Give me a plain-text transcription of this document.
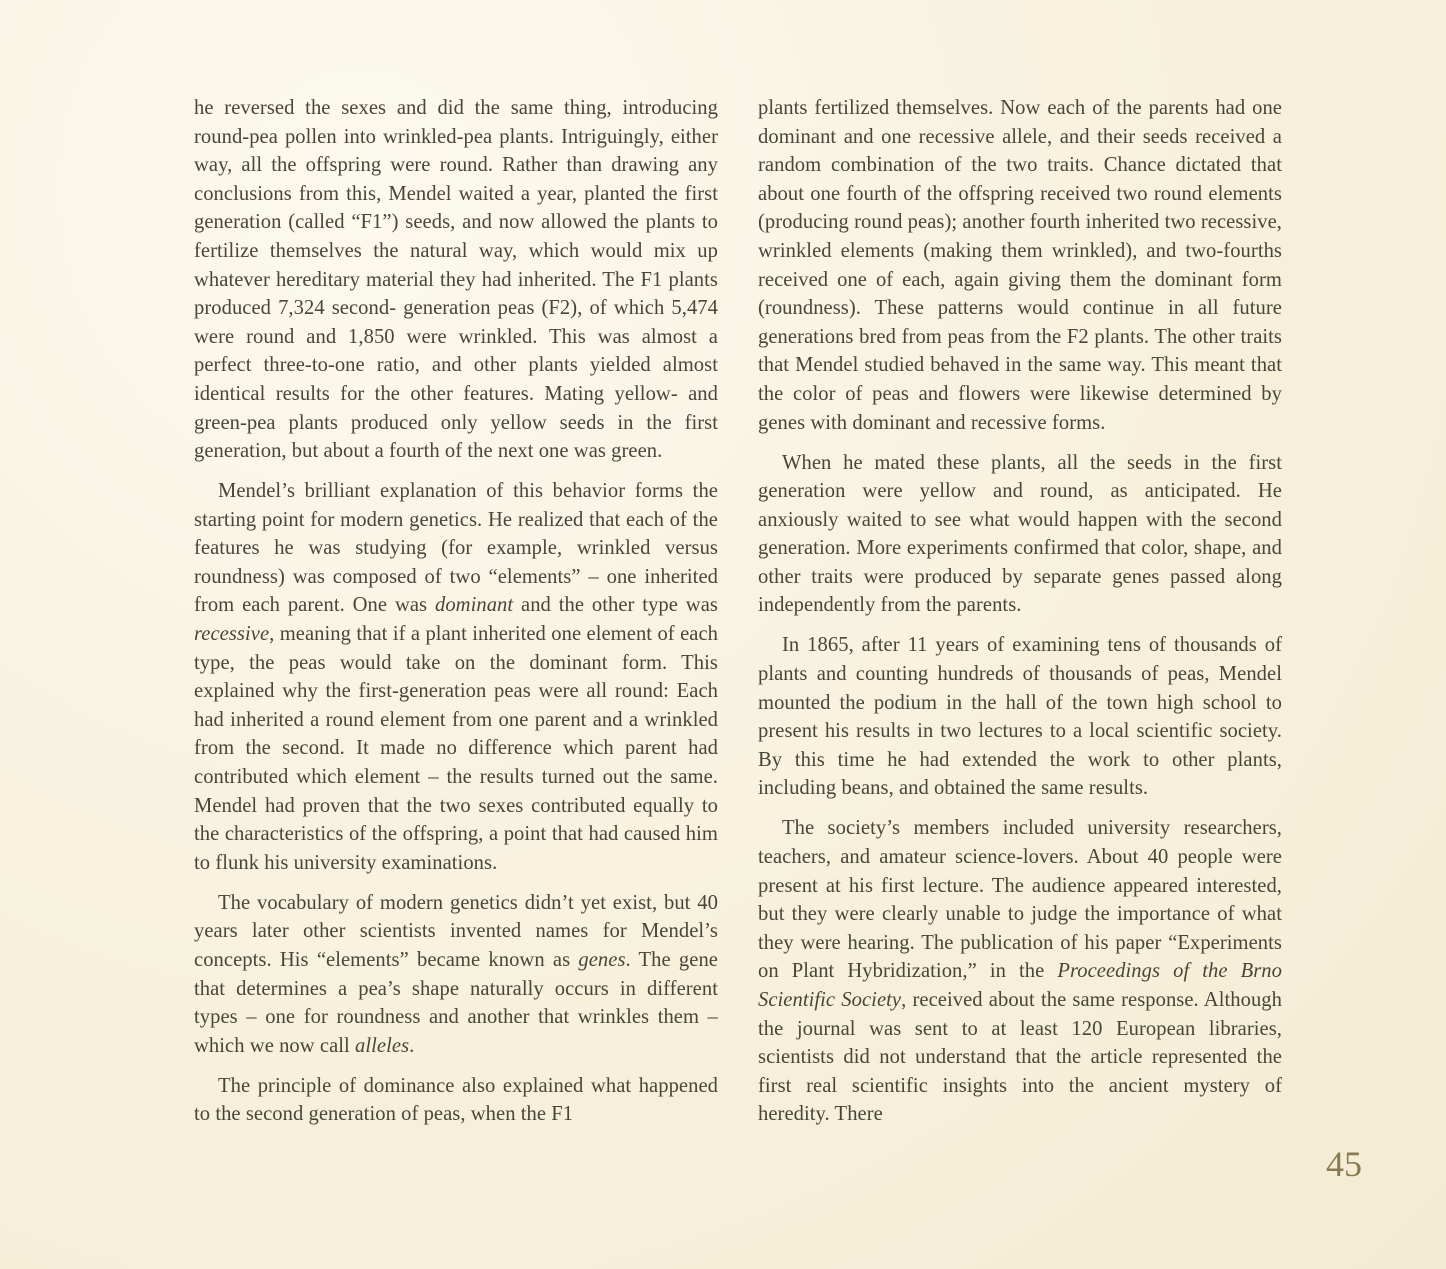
he reversed the sexes and did the same thing, introducing round-pea pollen into wrinkled-pea plants. Intriguingly, either way, all the offspring were round. Rather than drawing any conclusions from this, Mendel waited a year, planted the first generation (called “F1”) seeds, and now allowed the plants to fertilize themselves the natural way, which would mix up whatever hereditary material they had inherited. The F1 plants produced 7,324 second- generation peas (F2), of which 5,474 were round and 1,850 were wrinkled. This was almost a perfect three-to-one ratio, and other plants yielded almost identical results for the other features. Mating yellow- and green-pea plants produced only yellow seeds in the first generation, but about a fourth of the next one was green.

Mendel’s brilliant explanation of this behavior forms the starting point for modern genetics. He realized that each of the features he was studying (for example, wrinkled versus roundness) was composed of two “elements” – one inherited from each parent. One was dominant and the other type was recessive, meaning that if a plant inherited one element of each type, the peas would take on the dominant form. This explained why the first-generation peas were all round: Each had inherited a round element from one parent and a wrinkled from the second. It made no difference which parent had contributed which element – the results turned out the same. Mendel had proven that the two sexes contributed equally to the characteristics of the offspring, a point that had caused him to flunk his university examinations.

The vocabulary of modern genetics didn’t yet exist, but 40 years later other scientists invented names for Mendel’s concepts. His “elements” became known as genes. The gene that determines a pea’s shape naturally occurs in different types – one for roundness and another that wrinkles them – which we now call alleles.

The principle of dominance also explained what happened to the second generation of peas, when the F1

plants fertilized themselves. Now each of the parents had one dominant and one recessive allele, and their seeds received a random combination of the two traits. Chance dictated that about one fourth of the offspring received two round elements (producing round peas); another fourth inherited two recessive, wrinkled elements (making them wrinkled), and two-fourths received one of each, again giving them the dominant form (roundness). These patterns would continue in all future generations bred from peas from the F2 plants. The other traits that Mendel studied behaved in the same way. This meant that the color of peas and flowers were likewise determined by genes with dominant and recessive forms.

When he mated these plants, all the seeds in the first generation were yellow and round, as anticipated. He anxiously waited to see what would happen with the second generation. More experiments confirmed that color, shape, and other traits were produced by separate genes passed along independently from the parents.

In 1865, after 11 years of examining tens of thousands of plants and counting hundreds of thousands of peas, Mendel mounted the podium in the hall of the town high school to present his results in two lectures to a local scientific society. By this time he had extended the work to other plants, including beans, and obtained the same results.

The society’s members included university researchers, teachers, and amateur science-lovers. About 40 people were present at his first lecture. The audience appeared interested, but they were clearly unable to judge the importance of what they were hearing. The publication of his paper “Experiments on Plant Hybridization,” in the Proceedings of the Brno Scientific Society, received about the same response. Although the journal was sent to at least 120 European libraries, scientists did not understand that the article represented the first real scientific insights into the ancient mystery of heredity. There

45
